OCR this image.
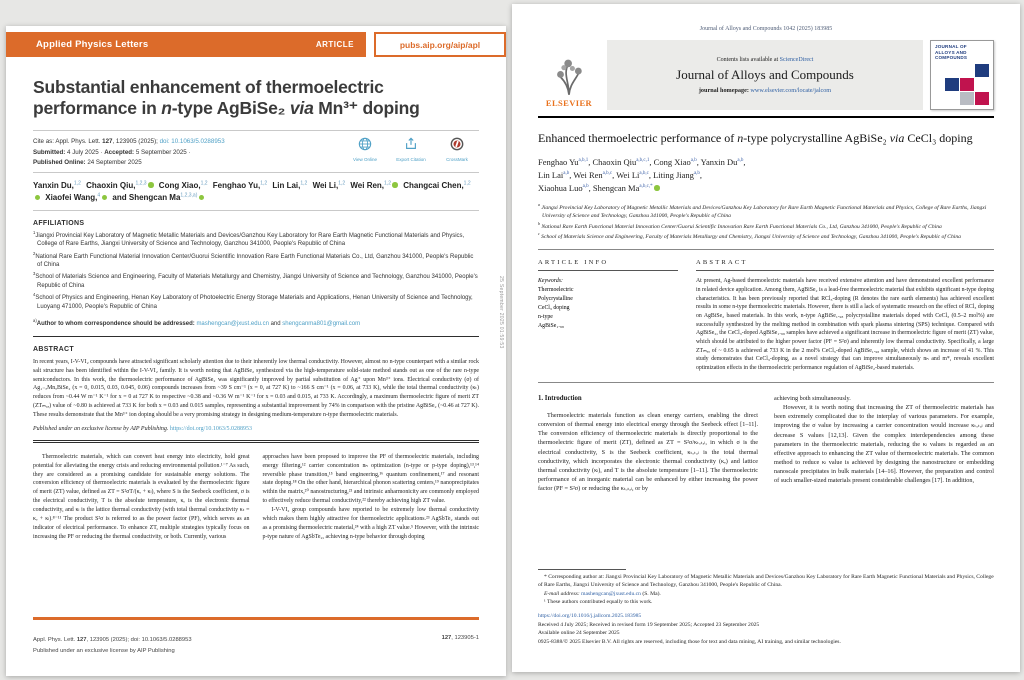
Applied Physics Letters	ARTICLE	pubs.aip.org/aip/apl
Substantial enhancement of thermoelectric performance in n-type AgBiSe₂ via Mn³⁺ doping
Cite as: Appl. Phys. Lett. 127, 123905 (2025); doi: 10.1063/5.0288953
Submitted: 4 July 2025 · Accepted: 5 September 2025 ·
Published Online: 24 September 2025	View Online	Export Citation	CrossMark
Yanxin Du,$^{1,2}$ Chaoxin Qiu,$^{1,2,3}$ Cong Xiao,$^{1,2}$ Fenghao Yu,$^{1,2}$ Lin Lai,$^{1,2}$ Wei Li,$^{1,2}$ Wei Ren,$^{1,2}$ Changcai Chen,$^{1,2}$ Xiaofei Wang,$^4$ and Shengcan Ma$^{1,2,3,a)}$
AFFILIATIONS

$^1$Jiangxi Provincial Key Laboratory of Magnetic Metallic Materials and Devices/Ganzhou Key Laboratory for Rare Earth Magnetic Functional Materials and Physics, College of Rare Earths, Jiangxi University of Science and Technology, Ganzhou 341000, People's Republic of China

$^2$National Rare Earth Functional Material Innovation Center/Guorui Scientific Innovation Rare Earth Functional Materials Co., Ltd, Ganzhou 341000, People's Republic of China

$^3$School of Materials Science and Engineering, Faculty of Materials Metallurgy and Chemistry, Jiangxi University of Science and Technology, Ganzhou 341000, People's Republic of China

$^4$School of Physics and Engineering, Henan Key Laboratory of Photoelectric Energy Storage Materials and Applications, Henan University of Science and Technology, Luoyang 471000, People's Republic of China

$^{a)}$Author to whom correspondence should be addressed: mashengcan@jxust.edu.cn and shengcanma801@gmail.com

ABSTRACT

In recent years, I-V-VI₂ compounds have attracted significant scholarly attention due to their inherently low thermal conductivity. However, almost no n-type counterpart with a similar rock salt structure has been identified within the I-V-VI₂ family. It is worth noting that AgBiSe₂ synthesized via the high-temperature solid-state method stands out as one of the rare n-type semiconductors. In this work, the thermoelectric performance of AgBiSe₂ was significantly improved by partial substitution of Ag⁺ upon Mn³⁺ ions. Electrical conductivity (σ) of Ag₁₋ₓMnₓBiSe₂ (x = 0, 0.015, 0.03, 0.045, 0.06) compounds increases from ~39 S cm⁻¹ (x = 0, at 727 K) to ~166 S cm⁻¹ (x = 0.06, at 733 K), while the total thermal conductivity (κₜ) reduces from ~0.44 W m⁻¹ K⁻¹ for x = 0 at 727 K to respective ~0.38 and ~0.36 W m⁻¹ K⁻¹ for x = 0.03 and 0.015, at 733 K. Accordingly, a maximum thermoelectric figure of merit ZT (ZTₘₐₓ) value of ~0.80 is achieved at 733 K for both x = 0.03 and 0.015 samples, representing a substantial improvement by 74% in comparison with the pristine AgBiSe₂ (~0.46 at 727 K). These results demonstrate that the Mn³⁺ ion doping should be a very promising strategy in designing medium-temperature n-type thermoelectric materials.

Published under an exclusive license by AIP Publishing. https://doi.org/10.1063/5.0288953

Thermoelectric materials, which can convert heat energy into electricity, hold great potential for alleviating the energy crisis and reducing environmental pollution.¹⁻⁷ As such, they are considered as a promising candidate for sustainable energy solutions. The conversion efficiency of thermoelectric materials is evaluated by the thermoelectric figure of merit (ZT) value, defined as ZT = S²σT/(κₑ + κₗ), where S is the Seebeck coefficient, σ is the electrical conductivity, T is the absolute temperature, κₑ is the electronic thermal conductivity, and κₗ is the lattice thermal conductivity (with total thermal conductivity κₜ = κₑ + κₗ).⁸⁻¹¹ The product S²σ is referred to as the power factor (PF), which serves as an indicator of electrical performance. To enhance ZT, multiple strategies typically focus on increasing the PF or reducing the thermal conductivity, or both. Currently, various

approaches have been proposed to improve the PF of thermoelectric materials, including energy filtering,¹² carrier concentration nₕ optimization (n-type or p-type doping),¹³,¹⁴ reversible phase transition,¹⁵ band engineering,¹⁶ quantum confinement,¹⁷ and resonant state doping.¹⁸ On the other hand, hierarchical phonon scattering centers,¹⁹ nanoprecipitates within the matrix,²⁰ nanostructuring,²¹ and intrinsic anharmonicity are commonly employed to effectively reduce thermal conductivity,²² thereby achieving high ZT value.

I-V-VI₂ group compounds have reported to be extremely low thermal conductivity which makes them highly attractive for thermoelectric applications.²³ AgSbTe₂ stands out as a promising thermoelectric material,²⁴ with a high ZT value.⁵ However, with the intrinsic p-type nature of AgSbTe₂, achieving n-type behavior through doping

Appl. Phys. Lett. 127, 123905 (2025); doi: 10.1063/5.0288953
Published under an exclusive license by AIP Publishing
127, 123905-1
25 September 2025 01:59:53
Journal of Alloys and Compounds 1042 (2025) 183985
ELSEVIER
Contents lists available at ScienceDirect
Journal of Alloys and Compounds
journal homepage: www.elsevier.com/locate/jalcom
JOURNAL OF
ALLOYS AND
COMPOUNDS
Enhanced thermoelectric performance of n-type polycrystalline AgBiSe₂ via CeCl₃ doping
Fenghao Yu$^{a,b,1}$, Chaoxin Qiu$^{a,b,c,1}$, Cong Xiao$^{a,b}$, Yanxin Du$^{a,b}$,
Lin Lai$^{a,b}$, Wei Ren$^{a,b,c}$, Wei Li$^{a,b,c}$, Liting Jiang$^{a,b}$,
Xiaohua Luo$^{a,b}$, Shengcan $Ma^{a,b,c,*}$

$^a$ Jiangxi Provincial Key Laboratory of Magnetic Metallic Materials and Devices/Ganzhou Key Laboratory for Rare Earth Magnetic Functional Materials and Physics, College of Rare Earths, Jiangxi University of Science and Technology, Ganzhou 341000, People's Republic of China

$^b$ National Rare Earth Functional Material Innovation Center/Guorui Scientific Innovation Rare Earth Functional Materials Co., Ltd, Ganzhou 341000, People's Republic of China

$^c$ School of Materials Science and Engineering, Faculty of Materials Metallurgy and Chemistry, Jiangxi University of Science and Technology, Ganzhou 341000, People's Republic of China

ARTICLE INFO
Keywords:
Thermoelectric
Polycrystalline
CeCl₃ doping
n-type
AgBiSe₁.₉₈
ABSTRACT

At present, Ag-based thermoelectric materials have received extensive attention and have demonstrated excellent performance in related device application. Among them, AgBiSe₂ is a lead-free thermoelectric material that exhibits significant n-type doping characteristics. It has been previously reported that RCl₃-doping (R denotes the rare earth elements) has achieved excellent results in some n-type thermoelectric materials. However, there is still a lack of systematic research on the effect of RCl₃ doping on AgBiSe₂ based materials. In this work, n-type AgBiSe₁.₉₈ polycrystalline materials doped with CeCl₃ (0.5–2 mol%) are successfully synthesized by the melting method in combination with spark plasma sintering (SPS) technique. Compared with AgBiSe₂, the CeCl₃-doped AgBiSe₁.₉₈ samples have achieved a significant increase in thermoelectric figure of merit (ZT) value, which should be attributed to the higher power factor (PF = S²σ) and inherently low thermal conductivity. Specifically, a large ZTₘₐₓ of ~ 0.65 is achieved at 733 K in the 2 mol% CeCl₃-doped AgBiSe₁.₉₈ sample, which shows an increase of 41 %. This study demonstrates that CeCl₃-doping, as a novel strategy that can improve simultaneously nₕ and m*, reveals excellent optimization effects in the thermoelectric performance regulation of AgBiSe₂-based materials.

1. Introduction

Thermoelectric materials function as clean energy carriers, enabling the direct conversion of thermal energy into electrical energy through the Seebeck effect [1–11]. The conversion efficiency of thermoelectric materials is directly proportional to the thermoelectric figure of merit (ZT), defined as ZT = S²σ/κₜₒₜₐₗ, in which σ is the electrical conductivity, S is the Seebeck coefficient, κₜₒₜₐₗ is the total thermal conductivity, which incorporates the electronic thermal conductivity (κₑ) and lattice thermal conductivity (κₗ), and T is the absolute temperature [1–11]. The thermoelectric performance of an inorganic material can be enhanced by either increasing the power factor (PF = S²σ) or reducing the κₜₒₜₐₗ, or by

achieving both simultaneously.

However, it is worth noting that increasing the ZT of thermoelectric materials has been extremely complicated due to the interplay of various parameters. For example, improving the σ value by increasing a carrier concentration would increase κₜₒₜₐₗ and decrease S values [12,13]. Given the complex interdependencies among these parameters in the thermoelectric materials, reducing the κₗ values is regarded as an effective approach to enhancing the ZT value of thermoelectric materials. The common method to reduce κₗ value is achieved by designing the nanostructure or embedding nanoscale precipitates in bulk materials [14–16]. However, the preparation and control of such smaller-sized materials present considerable challenges [17]. In addition,

* Corresponding author at: Jiangxi Provincial Key Laboratory of Magnetic Metallic Materials and Devices/Ganzhou Key Laboratory for Rare Earth Magnetic Functional Materials and Physics, College of Rare Earths, Jiangxi University of Science and Technology, Ganzhou 341000, People's Republic of China.

E-mail address: mashengcan@jxust.edu.cn (S. Ma).

¹ These authors contributed equally to this work.

https://doi.org/10.1016/j.jallcom.2025.183985
Received 4 July 2025; Received in revised form 19 September 2025; Accepted 23 September 2025
Available online 24 September 2025
0925-8388/© 2025 Elsevier B.V. All rights are reserved, including those for text and data mining, AI training, and similar technologies.
